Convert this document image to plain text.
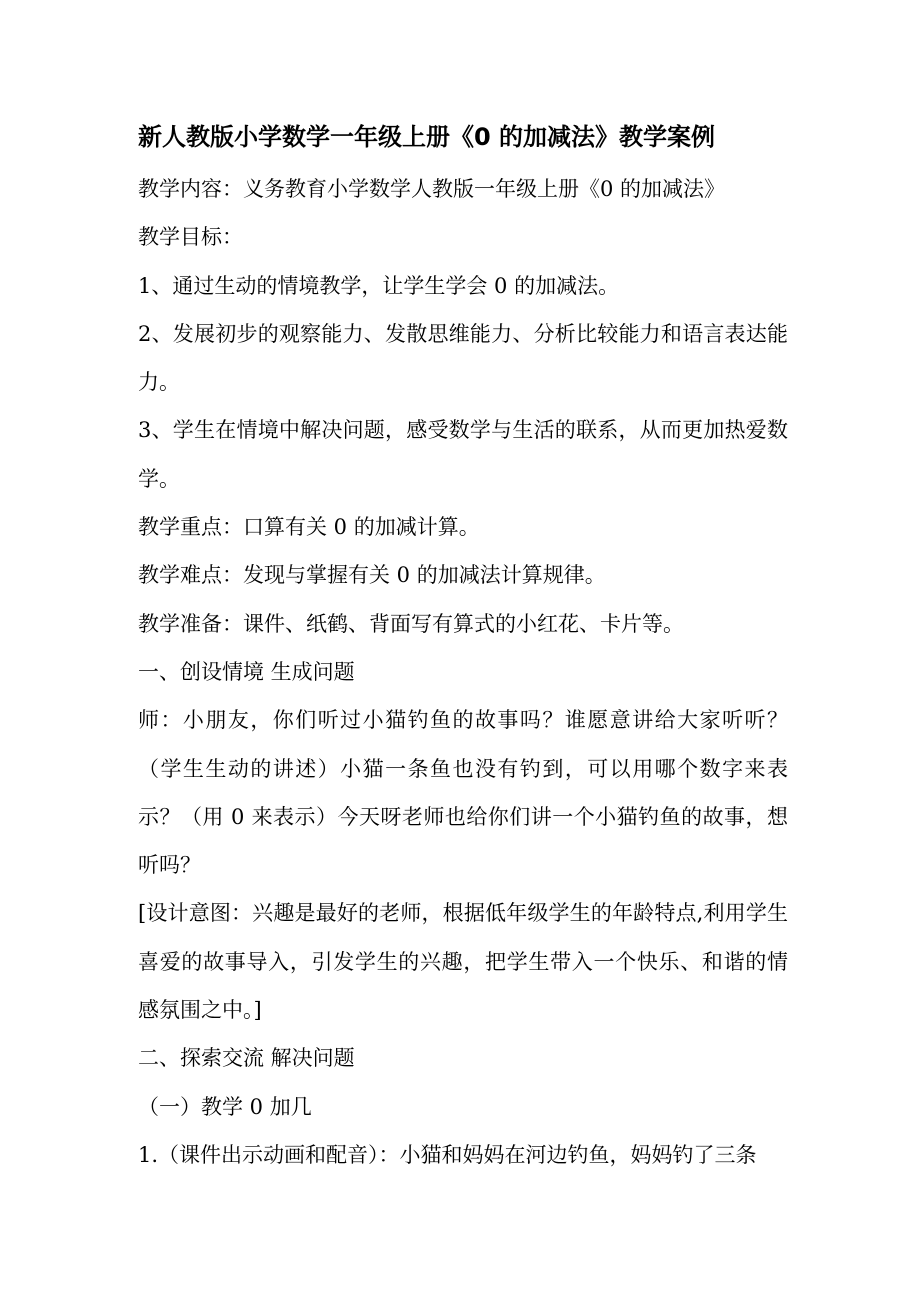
新人教版小学数学一年级上册《0 的加减法》教学案例

教学内容：义务教育小学数学人教版一年级上册《0 的加减法》

教学目标：

1、通过生动的情境教学，让学生学会 0 的加减法。

2、发展初步的观察能力、发散思维能力、分析比较能力和语言表达能力。

3、学生在情境中解决问题，感受数学与生活的联系，从而更加热爱数学。

教学重点：口算有关 0 的加减计算。

教学难点：发现与掌握有关 0 的加减法计算规律。

教学准备：课件、纸鹤、背面写有算式的小红花、卡片等。

一、创设情境 生成问题

师：小朋友，你们听过小猫钓鱼的故事吗？谁愿意讲给大家听听？（学生生动的讲述）小猫一条鱼也没有钓到，可以用哪个数字来表示？（用 0 来表示）今天呀老师也给你们讲一个小猫钓鱼的故事，想听吗？

[设计意图：兴趣是最好的老师，根据低年级学生的年龄特点,利用学生喜爱的故事导入，引发学生的兴趣，把学生带入一个快乐、和谐的情感氛围之中。]

二、探索交流 解决问题

（一）教学 0 加几

1.（课件出示动画和配音）：小猫和妈妈在河边钓鱼，妈妈钓了三条
